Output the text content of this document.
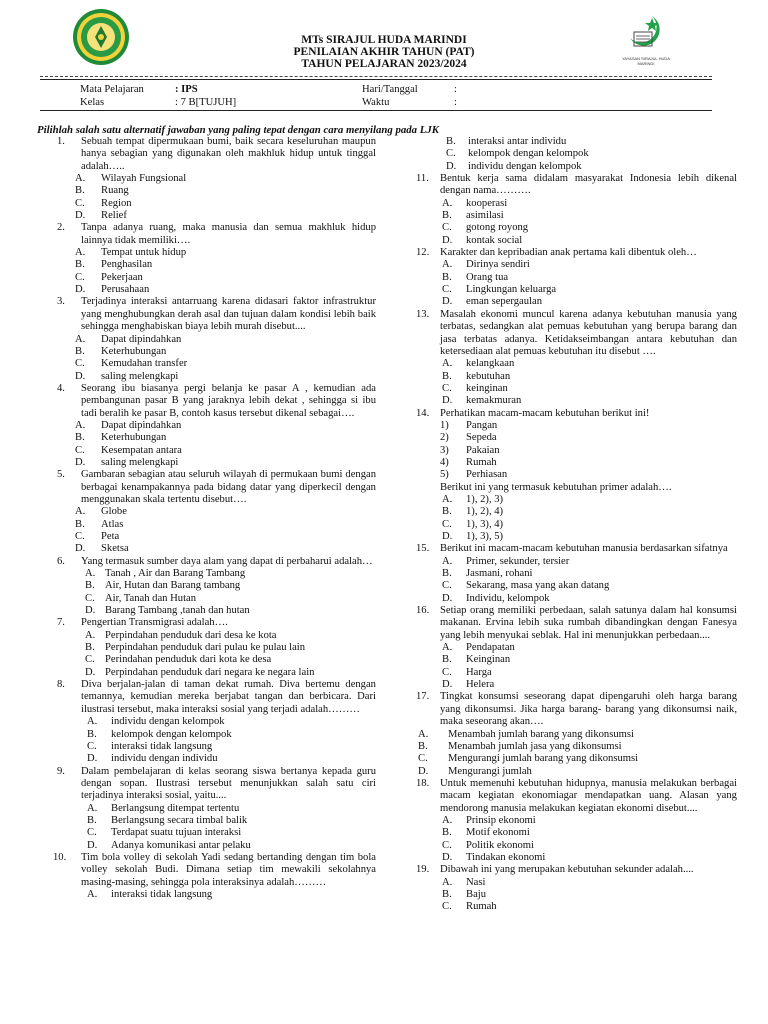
YAYASAN SIRAJUL HUDA MARINDI
MTs SIRAJUL HUDA MARINDI
PENILAIAN AKHIR TAHUN (PAT)
TAHUN PELAJARAN 2023/2024
Mata Pelajaran	: IPS	Hari/Tanggal	:
Kelas	: 7 B[TUJUH]	Waktu	:
Pilihlah salah satu alternatif jawaban yang paling tepat dengan cara menyilang pada LJK
1. Sebuah tempat dipermukaan bumi, baik secara keseluruhan maupun hanya sebagian yang digunakan oleh makhluk hidup untuk tinggal adalah…..
A. Wilayah Fungsional
B. Ruang
C. Region
D. Relief
2. Tanpa adanya ruang, maka manusia dan semua makhluk hidup lainnya tidak memiliki….
A. Tempat untuk hidup
B. Penghasilan
C. Pekerjaan
D. Perusahaan
3. Terjadinya interaksi antarruang karena didasari faktor infrastruktur yang menghubungkan derah asal dan tujuan dalam kondisi lebih baik sehingga menghabiskan biaya lebih murah disebut....
A. Dapat dipindahkan
B. Keterhubungan
C. Kemudahan transfer
D. saling melengkapi
4. Seorang ibu biasanya pergi belanja ke pasar A , kemudian ada pembangunan pasar B yang jaraknya lebih dekat , sehingga si ibu tadi beralih ke pasar B, contoh kasus tersebut dikenal sebagai….
A. Dapat dipindahkan
B. Keterhubungan
C. Kesempatan antara
D. saling melengkapi
5. Gambaran sebagian atau seluruh wilayah di permukaan bumi dengan berbagai kenampakannya pada bidang datar yang diperkecil dengan menggunakan skala tertentu disebut….
A. Globe
B. Atlas
C. Peta
D. Sketsa
6. Yang termasuk sumber daya alam yang dapat di perbaharui adalah…
A. Tanah , Air dan Barang Tambang
B. Air, Hutan dan Barang tambang
C. Air, Tanah dan Hutan
D. Barang Tambang ,tanah dan hutan
7. Pengertian Transmigrasi adalah….
A. Perpindahan penduduk dari desa ke kota
B. Perpindahan penduduk dari pulau ke pulau lain
C. Perindahan penduduk dari kota ke desa
D. Perpindahan penduduk dari negara ke negara lain
8. Diva berjalan-jalan di taman dekat rumah. Diva bertemu dengan temannya, kemudian mereka berjabat tangan dan berbicara. Dari ilustrasi tersebut, maka interaksi sosial yang terjadi adalah………
A. individu dengan kelompok
B. kelompok dengan kelompok
C. interaksi tidak langsung
D. individu dengan individu
9. Dalam pembelajaran di kelas seorang siswa bertanya kepada guru dengan sopan. Ilustrasi tersebut menunjukkan salah satu ciri terjadinya interaksi sosial, yaitu....
A. Berlangsung ditempat tertentu
B. Berlangsung secara timbal balik
C. Terdapat suatu tujuan interaksi
D. Adanya komunikasi antar pelaku
10. Tim bola volley di sekolah Yadi sedang bertanding dengan tim bola volley sekolah Budi. Dimana setiap tim mewakili sekolahnya masing-masing, sehingga pola interaksinya adalah………
A. interaksi tidak langsung
B. interaksi antar individu
C. kelompok dengan kelompok
D. individu dengan kelompok
11. Bentuk kerja sama didalam masyarakat Indonesia lebih dikenal dengan nama……….
A. kooperasi
B. asimilasi
C. gotong royong
D. kontak social
12. Karakter dan kepribadian anak pertama kali dibentuk oleh…
A. Dirinya sendiri
B. Orang tua
C. Lingkungan keluarga
D. eman sepergaulan
13. Masalah ekonomi muncul karena adanya kebutuhan manusia yang terbatas, sedangkan alat pemuas kebutuhan yang berupa barang dan jasa terbatas adanya. Ketidakseimbangan antara kebutuhan dan ketersediaan alat pemuas kebutuhan itu disebut ….
A. kelangkaan
B. kebutuhan
C. keinginan
D. kemakmuran
14. Perhatikan macam-macam kebutuhan berikut ini!
1) Pangan
2) Sepeda
3) Pakaian
4) Rumah
5) Perhiasan
Berikut ini yang termasuk kebutuhan primer adalah….
A. 1), 2), 3)
B. 1), 2), 4)
C. 1), 3), 4)
D. 1), 3), 5)
15. Berikut ini macam-macam kebutuhan manusia berdasarkan sifatnya
A. Primer, sekunder, tersier
B. Jasmani, rohani
C. Sekarang, masa yang akan datang
D. Individu, kelompok
16. Setiap orang memiliki perbedaan, salah satunya dalam hal konsumsi makanan. Ervina lebih suka rumbah dibandingkan dengan Fanesya yang lebih menyukai seblak. Hal ini menunjukkan perbedaan....
A. Pendapatan
B. Keinginan
C. Harga
D. Helera
17. Tingkat konsumsi seseorang dapat dipengaruhi oleh harga barang yang dikonsumsi. Jika harga barang- barang yang dikonsumsi naik, maka seseorang akan….
A. Menambah jumlah barang yang dikonsumsi
B. Menambah jumlah jasa yang dikonsumsi
C. Mengurangi jumlah barang yang dikonsumsi
D. Mengurangi jumlah
18. Untuk memenuhi kebutuhan hidupnya, manusia melakukan berbagai macam kegiatan ekonomiagar mendapatkan uang. Alasan yang mendorong manusia melakukan kegiatan ekonomi disebut....
A. Prinsip ekonomi
B. Motif ekonomi
C. Politik ekonomi
D. Tindakan ekonomi
19. Dibawah ini yang merupakan kebutuhan sekunder adalah....
A. Nasi
B. Baju
C. Rumah
